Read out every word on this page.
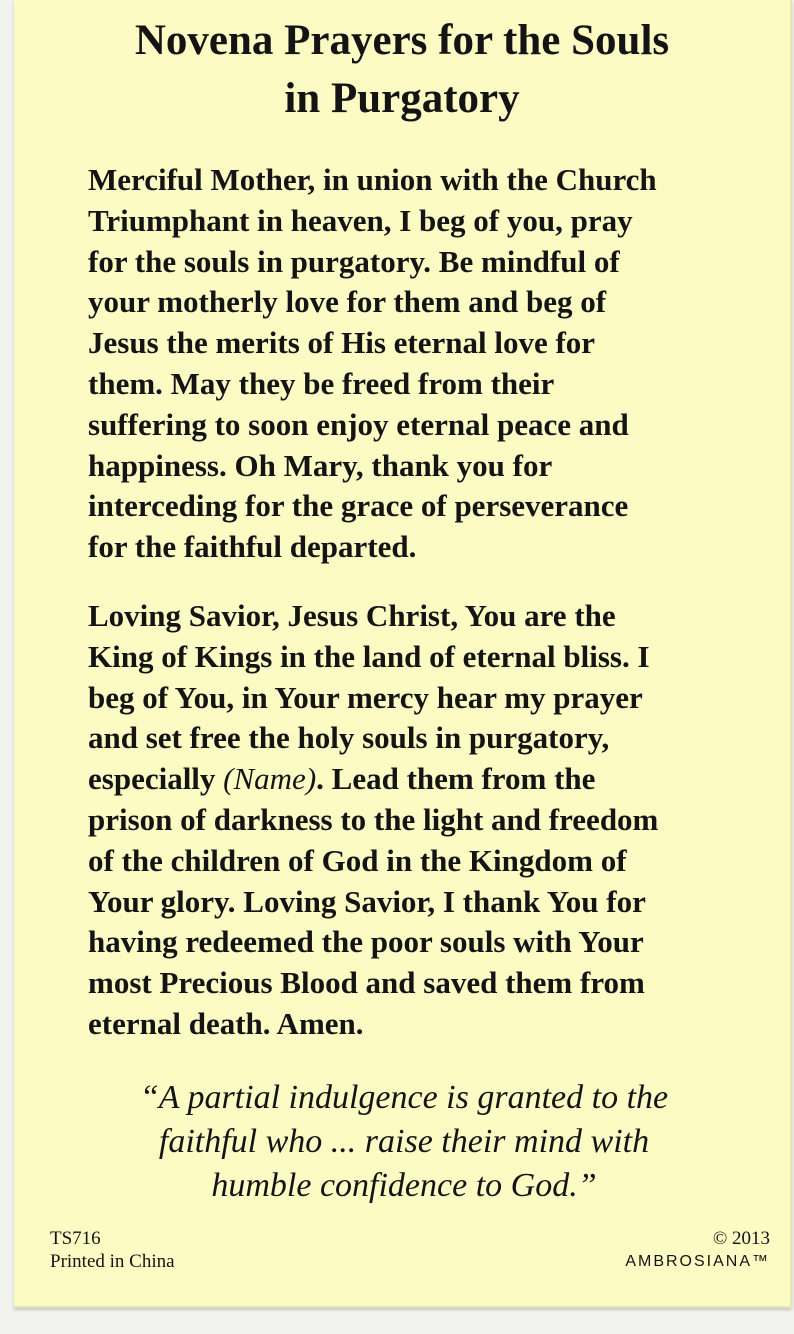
Novena Prayers for the Souls
in Purgatory
Merciful Mother, in union with the Church
Triumphant in heaven, I beg of you, pray
for the souls in purgatory. Be mindful of
your motherly love for them and beg of
Jesus the merits of His eternal love for
them. May they be freed from their
suffering to soon enjoy eternal peace and
happiness. Oh Mary, thank you for
interceding for the grace of perseverance
for the faithful departed.
Loving Savior, Jesus Christ, You are the
King of Kings in the land of eternal bliss. I
beg of You, in Your mercy hear my prayer
and set free the holy souls in purgatory,
especially (Name). Lead them from the
prison of darkness to the light and freedom
of the children of God in the Kingdom of
Your glory. Loving Savior, I thank You for
having redeemed the poor souls with Your
most Precious Blood and saved them from
eternal death. Amen.
“A partial indulgence is granted to the
faithful who ... raise their mind with
humble confidence to God.”
TS716
Printed in China
© 2013
AMBROSIANA™
